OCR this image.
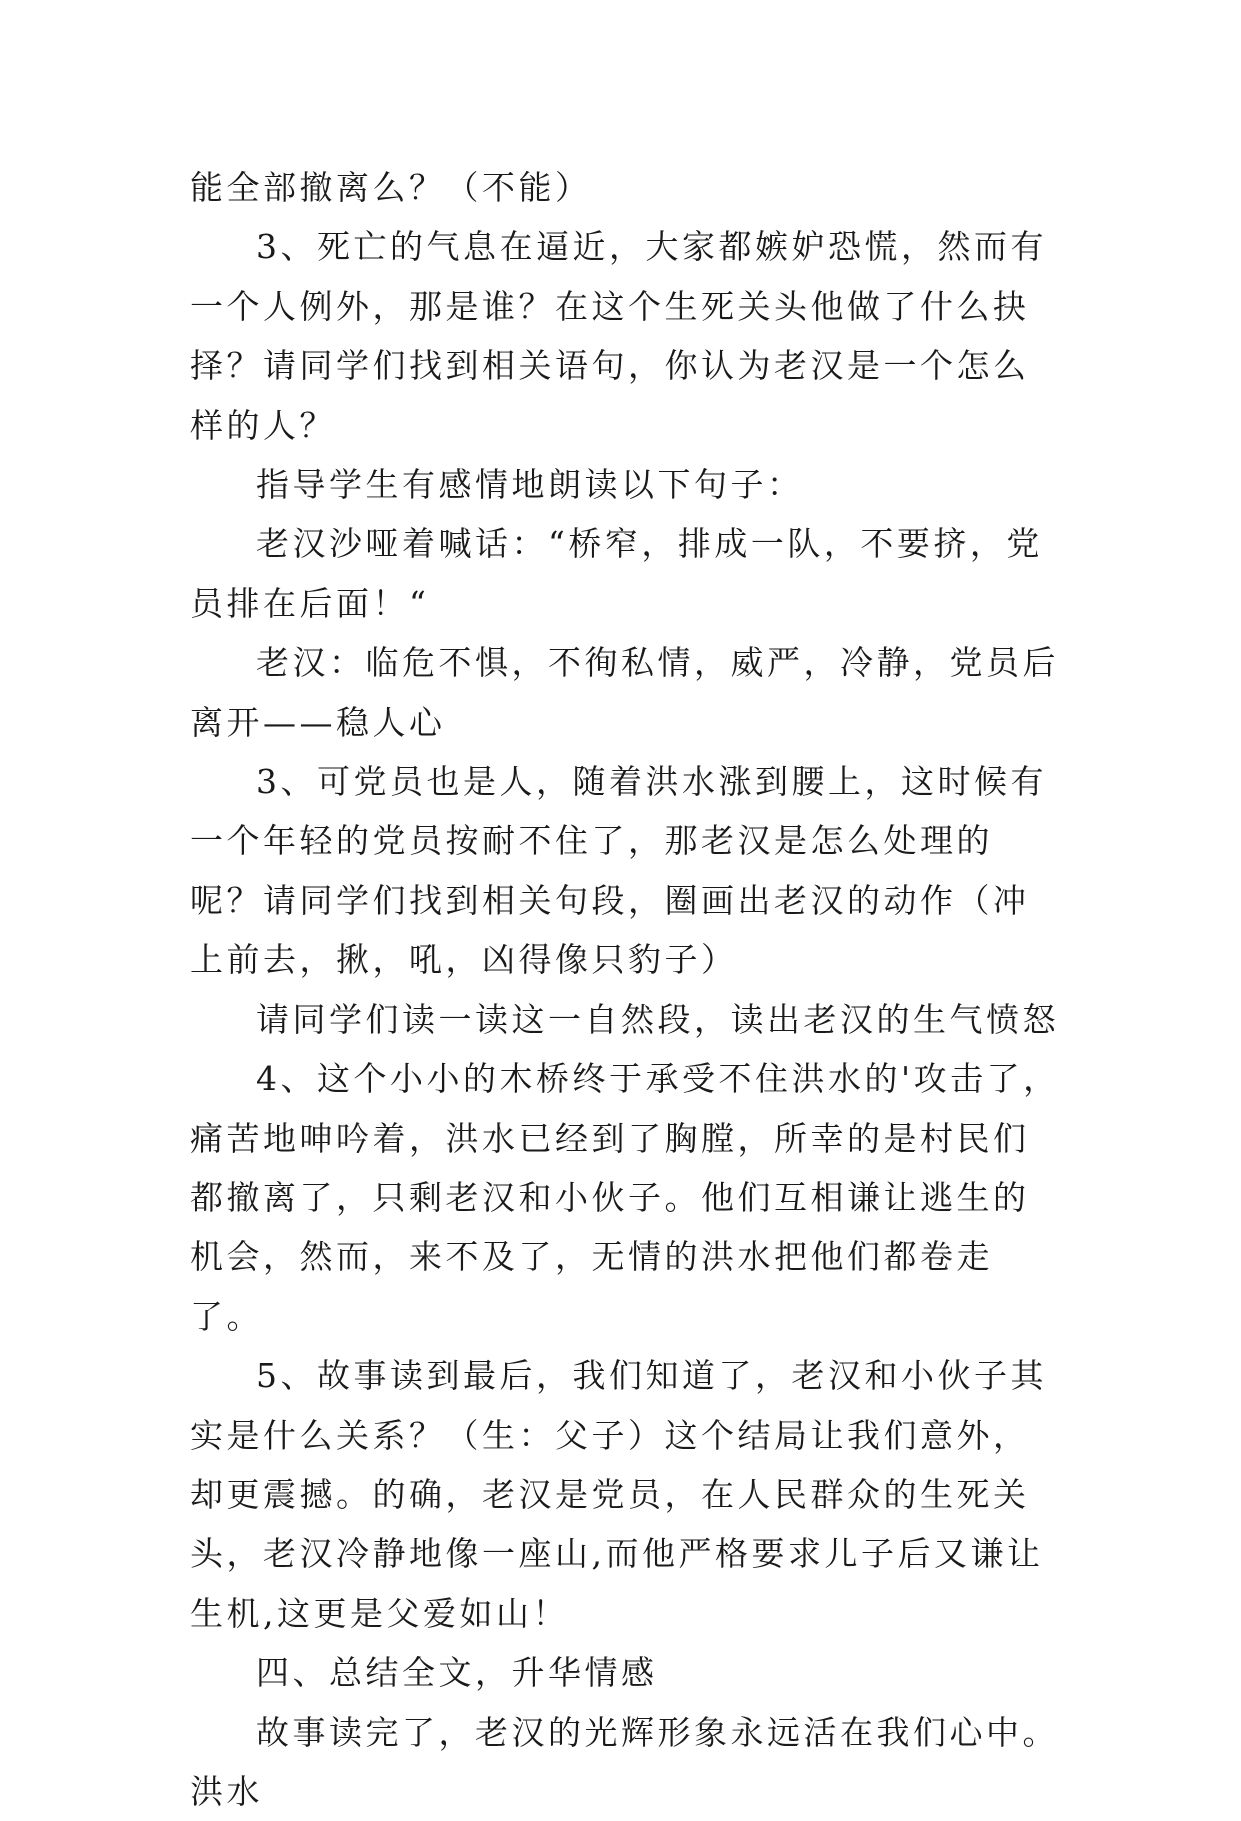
能全部撤离么？（不能）

3、死亡的气息在逼近，大家都嫉妒恐慌，然而有一个人例外，那是谁？在这个生死关头他做了什么抉择？请同学们找到相关语句，你认为老汉是一个怎么样的人？

指导学生有感情地朗读以下句子：

老汉沙哑着喊话：“桥窄，排成一队，不要挤，党员排在后面！“

老汉：临危不惧，不徇私情，威严，冷静，党员后离开——稳人心

3、可党员也是人，随着洪水涨到腰上，这时候有一个年轻的党员按耐不住了，那老汉是怎么处理的呢？请同学们找到相关句段，圈画出老汉的动作（冲上前去，揪，吼，凶得像只豹子）

请同学们读一读这一自然段，读出老汉的生气愤怒

4、这个小小的木桥终于承受不住洪水的'攻击了，痛苦地呻吟着，洪水已经到了胸膛，所幸的是村民们都撤离了，只剩老汉和小伙子。他们互相谦让逃生的机会，然而，来不及了，无情的洪水把他们都卷走了。

5、故事读到最后，我们知道了，老汉和小伙子其实是什么关系？（生：父子）这个结局让我们意外，却更震撼。的确，老汉是党员，在人民群众的生死关头，老汉冷静地像一座山,而他严格要求儿子后又谦让生机,这更是父爱如山！

四、总结全文，升华情感

故事读完了，老汉的光辉形象永远活在我们心中。洪水
